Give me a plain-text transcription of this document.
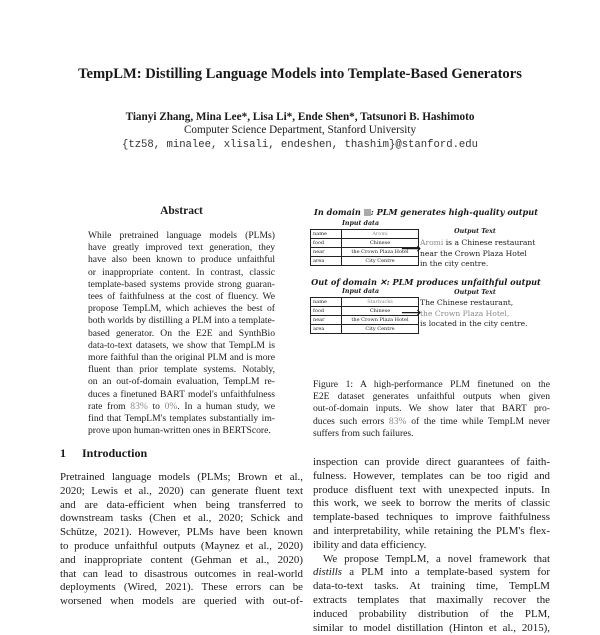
TempLM: Distilling Language Models into Template-Based Generators
Tianyi Zhang, Mina Lee*, Lisa Li*, Ende Shen*, Tatsunori B. Hashimoto
Computer Science Department, Stanford University
{tz58, minalee, xlisali, endeshen, thashim}@stanford.edu
Abstract
While pretrained language models (PLMs)
have greatly improved text generation, they
have also been known to produce unfaithful
or inappropriate content. In contrast, classic
template-based systems provide strong guaran-
tees of faithfulness at the cost of fluency. We
propose TempLM, which achieves the best of
both worlds by distilling a PLM into a template-
based generator. On the E2E and SynthBio
data-to-text datasets, we show that TempLM is
more faithful than the original PLM and is more
fluent than prior template systems. Notably,
on an out-of-domain evaluation, TempLM re-
duces a finetuned BART model's unfaithfulness
rate from 83% to 0%. In a human study, we
find that TempLM's templates substantially im-
prove upon human-written ones in BERTScore.
1 Introduction
Pretrained language models (PLMs; Brown et al.,
2020; Lewis et al., 2020) can generate fluent text
and are data-efficient when being transferred to
downstream tasks (Chen et al., 2020; Schick and
Schütze, 2021). However, PLMs have been known
to produce unfaithful outputs (Maynez et al., 2020)
and inappropriate content (Gehman et al., 2020)
that can lead to disastrous outcomes in real-world
deployments (Wired, 2021). These errors can be
worsened when models are queried with out-of-
inspection can provide direct guarantees of faith-
fulness. However, templates can be too rigid and
produce disfluent text with unexpected inputs. In
this work, we seek to borrow the merits of classic
template-based techniques to improve faithfulness
and interpretability, while retaining the PLM's flex-
ibility and data efficiency.
We propose TempLM, a novel framework that
distills a PLM into a template-based system for
data-to-text tasks. At training time, TempLM
extracts templates that maximally recover the
induced probability distribution of the PLM,
similar to model distillation (Hinton et al., 2015),
In domain : PLM generates high-quality output
Input data
name	Aromi
food	Chinese
near	the Crown Plaza Hotel
area	City Centre
⟶
Output Text
Aromi is a Chinese restaurant
near the Crown Plaza Hotel
in the city centre.
Out of domain ✕: PLM produces unfaithful output
Input data
name	Starbucks
food	Chinese
near	the Crown Plaza Hotel
area	City Centre
⟶
Output Text
The Chinese restaurant,
the Crown Plaza Hotel,
is located in the city centre.
Figure 1: A high-performance PLM finetuned on the
E2E dataset generates unfaithful outputs when given
out-of-domain inputs. We show later that BART pro-
duces such errors 83% of the time while TempLM never
suffers from such failures.
